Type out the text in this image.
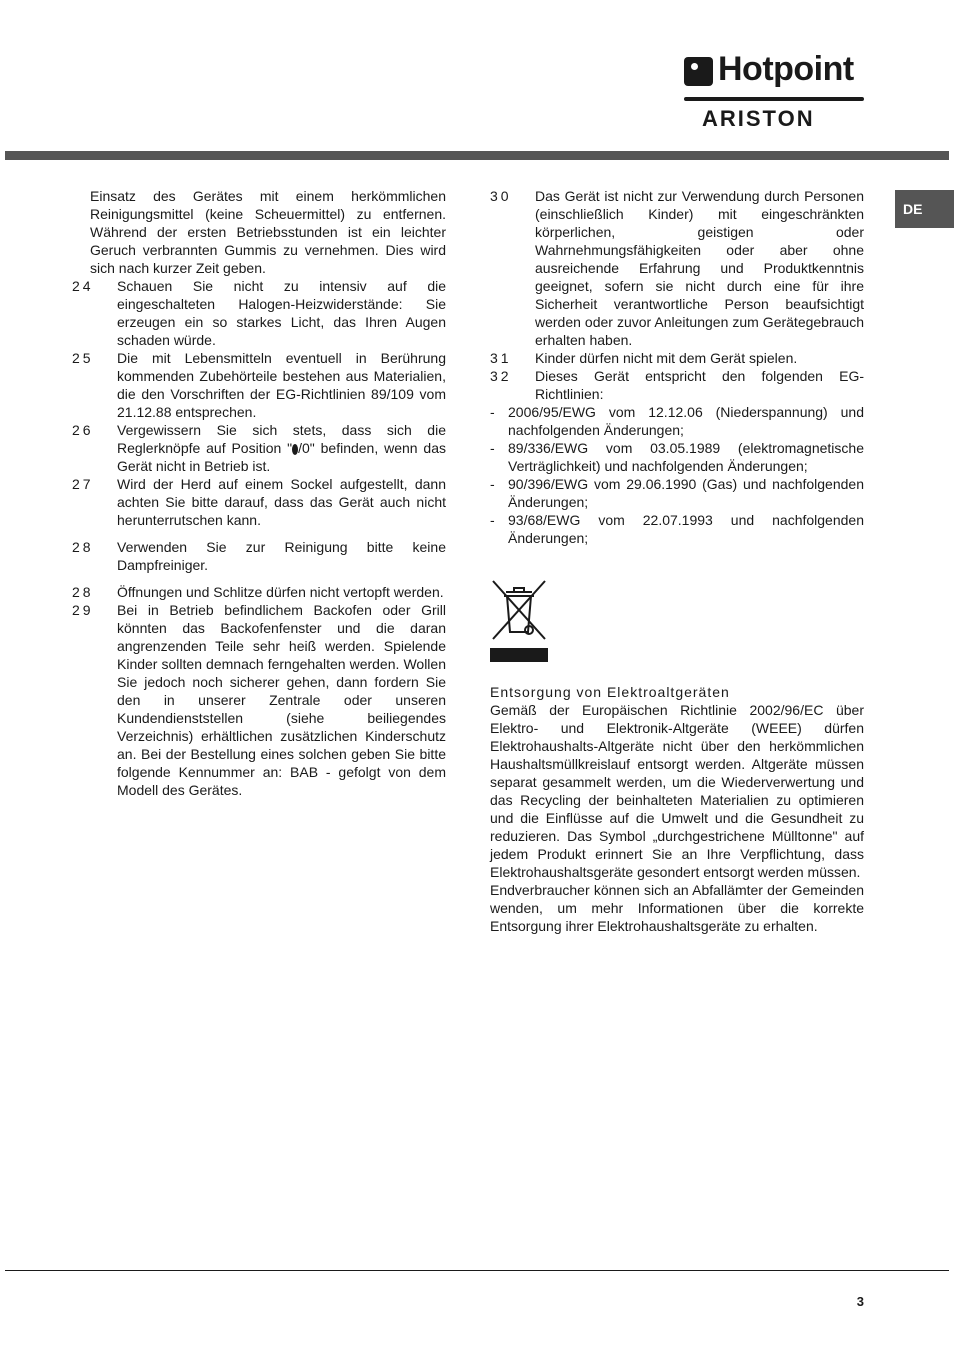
Hotpoint
ARISTON
DE
Einsatz des Gerätes mit einem herkömmlichen Reinigungsmittel (keine Scheuermittel) zu entfernen. Während der ersten Betriebsstunden ist ein leichter Geruch verbrannten Gummis zu vernehmen. Dies wird sich nach kurzer Zeit geben.
24	Schauen Sie nicht zu intensiv auf die eingeschalteten Halogen-Heizwiderstände: Sie erzeugen ein so starkes Licht, das Ihren Augen schaden würde.
25	Die mit Lebensmitteln eventuell in Berührung kommenden Zubehörteile bestehen aus Materialien, die den Vorschriften der EG-Richtlinien 89/109 vom 21.12.88 entsprechen.
26	Vergewissern Sie sich stets, dass sich die Reglerknöpfe auf Position " /0" befinden, wenn das Gerät nicht in Betrieb ist.
27	Wird der Herd auf einem Sockel aufgestellt, dann achten Sie bitte darauf, dass das Gerät auch nicht herunterrutschen kann.
28	Verwenden Sie zur Reinigung bitte keine Dampfreiniger.
28	Öffnungen und Schlitze dürfen nicht vertopft werden.
29	Bei in Betrieb befindlichem Backofen oder Grill könnten das Backofenfenster und die daran angrenzenden Teile sehr heiß werden. Spielende Kinder sollten demnach ferngehalten werden. Wollen Sie jedoch noch sicherer gehen, dann fordern Sie den in unserer Zentrale oder unseren Kundendienststellen (siehe beiliegendes Verzeichnis) erhältlichen zusätzlichen Kinderschutz an. Bei der Bestellung eines solchen geben Sie bitte folgende Kennummer an: BAB - gefolgt von dem Modell des Gerätes.
30	Das Gerät ist nicht zur Verwendung durch Personen (einschließlich Kinder) mit eingeschränkten körperlichen, geistigen oder Wahrnehmungsfähigkeiten oder aber ohne ausreichende Erfahrung und Produktkenntnis geeignet, sofern sie nicht durch eine für ihre Sicherheit verantwortliche Person beaufsichtigt werden oder zuvor Anleitungen zum Gerätegebrauch erhalten haben.
31	Kinder dürfen nicht mit dem Gerät spielen.
32	Dieses Gerät entspricht den folgenden EG-Richtlinien:
- 2006/95/EWG vom 12.12.06 (Niederspannung) und nachfolgenden Änderungen;
- 89/336/EWG vom 03.05.1989 (elektromagnetische Verträglichkeit) und nachfolgenden Änderungen;
- 90/396/EWG vom 29.06.1990 (Gas) und nachfolgenden Änderungen;
- 93/68/EWG vom 22.07.1993 und nachfolgenden Änderungen;

Entsorgung von Elektroaltgeräten

Gemäß der Europäischen Richtlinie 2002/96/EC über Elektro- und Elektronik-Altgeräte (WEEE) dürfen Elektrohaushalts-Altgeräte nicht über den herkömmlichen Haushaltsmüllkreislauf entsorgt werden. Altgeräte müssen separat gesammelt werden, um die Wiederverwertung und das Recycling der beinhalteten Materialien zu optimieren und die Einflüsse auf die Umwelt und die Gesundheit zu reduzieren. Das Symbol „durchgestrichene Mülltonne" auf jedem Produkt erinnert Sie an Ihre Verpflichtung, dass Elektrohaushaltsgeräte gesondert entsorgt werden müssen.

Endverbraucher können sich an Abfallämter der Gemeinden wenden, um mehr Informationen über die korrekte Entsorgung ihrer Elektrohaushaltsgeräte zu erhalten.

3
